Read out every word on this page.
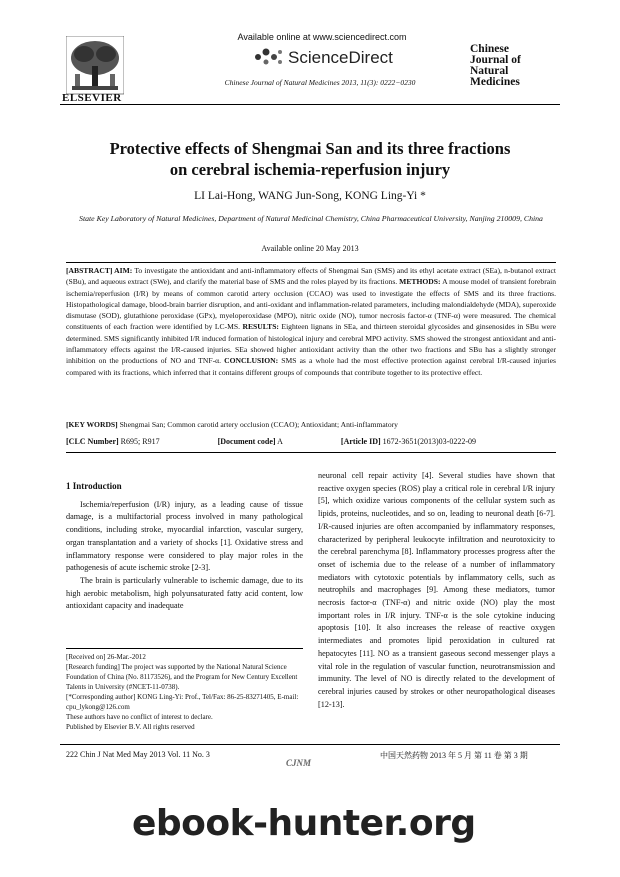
ELSEVIER
Available online at www.sciencedirect.com
ScienceDirect
Chinese Journal of Natural Medicines 2013, 11(3): 0222−0230
Chinese
Journal of
Natural
Medicines
Protective effects of Shengmai San and its three fractions
on cerebral ischemia-reperfusion injury
LI Lai-Hong, WANG Jun-Song, KONG Ling-Yi *
State Key Laboratory of Natural Medicines, Department of Natural Medicinal Chemistry, China Pharmaceutical University, Nanjing 210009, China
Available online 20 May 2013
[ABSTRACT] AIM: To investigate the antioxidant and anti-inflammatory effects of Shengmai San (SMS) and its ethyl acetate extract (SEa), n-butanol extract (SBu), and aqueous extract (SWe), and clarify the material base of SMS and the roles played by its fractions. METHODS: A mouse model of transient forebrain ischemia/reperfusion (I/R) by means of common carotid artery occlusion (CCAO) was used to investigate the effects of SMS and its three fractions. Histopathological damage, blood-brain barrier disruption, and anti-oxidant and inflammation-related parameters, including malondialdehyde (MDA), superoxide dismutase (SOD), glutathione peroxidase (GPx), myeloperoxidase (MPO), nitric oxide (NO), tumor necrosis factor-α (TNF-α) were measured. The chemical constituents of each fraction were identified by LC-MS. RESULTS: Eighteen lignans in SEa, and thirteen steroidal glycosides and ginsenosides in SBu were determined. SMS significantly inhibited I/R induced formation of histological injury and cerebral MPO activity. SMS showed the strongest antioxidant and anti-inflammatory effects against the I/R-caused injuries. SEa showed higher antioxidant activity than the other two fractions and SBu has a slightly stronger inhibition on the productions of NO and TNF-α. CONCLUSION: SMS as a whole had the most effective protection against cerebral I/R-caused injuries compared with its fractions, which inferred that it contains different groups of compounds that contribute together to its protective effect.
[KEY WORDS] Shengmai San; Common carotid artery occlusion (CCAO); Antioxidant; Anti-inflammatory
[CLC Number] R695; R917	[Document code] A	[Article ID] 1672-3651(2013)03-0222-09
1 Introduction

Ischemia/reperfusion (I/R) injury, as a leading cause of tissue damage, is a multifactorial process involved in many pathological conditions, including stroke, myocardial infarction, vascular surgery, organ transplantation and a variety of shocks [1]. Oxidative stress and inflammatory response were considered to play major roles in the pathogenesis of acute ischemic stroke [2-3].

The brain is particularly vulnerable to ischemic damage, due to its high aerobic metabolism, high polyunsaturated fatty acid content, low antioxidant capacity and inadequate

neuronal cell repair activity [4]. Several studies have shown that reactive oxygen species (ROS) play a critical role in cerebral I/R injury [5], which oxidize various components of the cellular system such as lipids, proteins, nucleotides, and so on, leading to neuronal death [6-7]. I/R-caused injuries are often accompanied by inflammatory responses, characterized by peripheral leukocyte infiltration and neurotoxicity to the cerebral parenchyma [8]. Inflammatory processes progress after the onset of ischemia due to the release of a number of inflammatory mediators with cytotoxic potentials by inflammatory cells, such as neutrophils and macrophages [9]. Among these mediators, tumor necrosis factor-α (TNF-α) and nitric oxide (NO) play the most important roles in I/R injury. TNF-α is the sole cytokine inducing apoptosis [10]. It also increases the release of reactive oxygen intermediates and promotes lipid peroxidation in cultured rat hepatocytes [11]. NO as a transient gaseous second messenger plays a vital role in the regulation of vascular function, neurotransmission and immunity. The level of NO is directly related to the development of cerebral injuries caused by strokes or other neuropathological diseases [12-13].

[Received on] 26-Mar.-2012

[Research funding] The project was supported by the National Natural Science Foundation of China (No. 81173526), and the Program for New Century Excellent Talents in University (#NCET-11-0738).

[*Corresponding author] KONG Ling-Yi: Prof., Tel/Fax: 86-25-83271405, E-mail: cpu_lykong@126.com

These authors have no conflict of interest to declare.

Published by Elsevier B.V. All rights reserved

222 Chin J Nat Med May 2013 Vol. 11 No. 3
CJNM
中国天然药物 2013 年 5 月 第 11 卷 第 3 期
ebook-hunter.org
